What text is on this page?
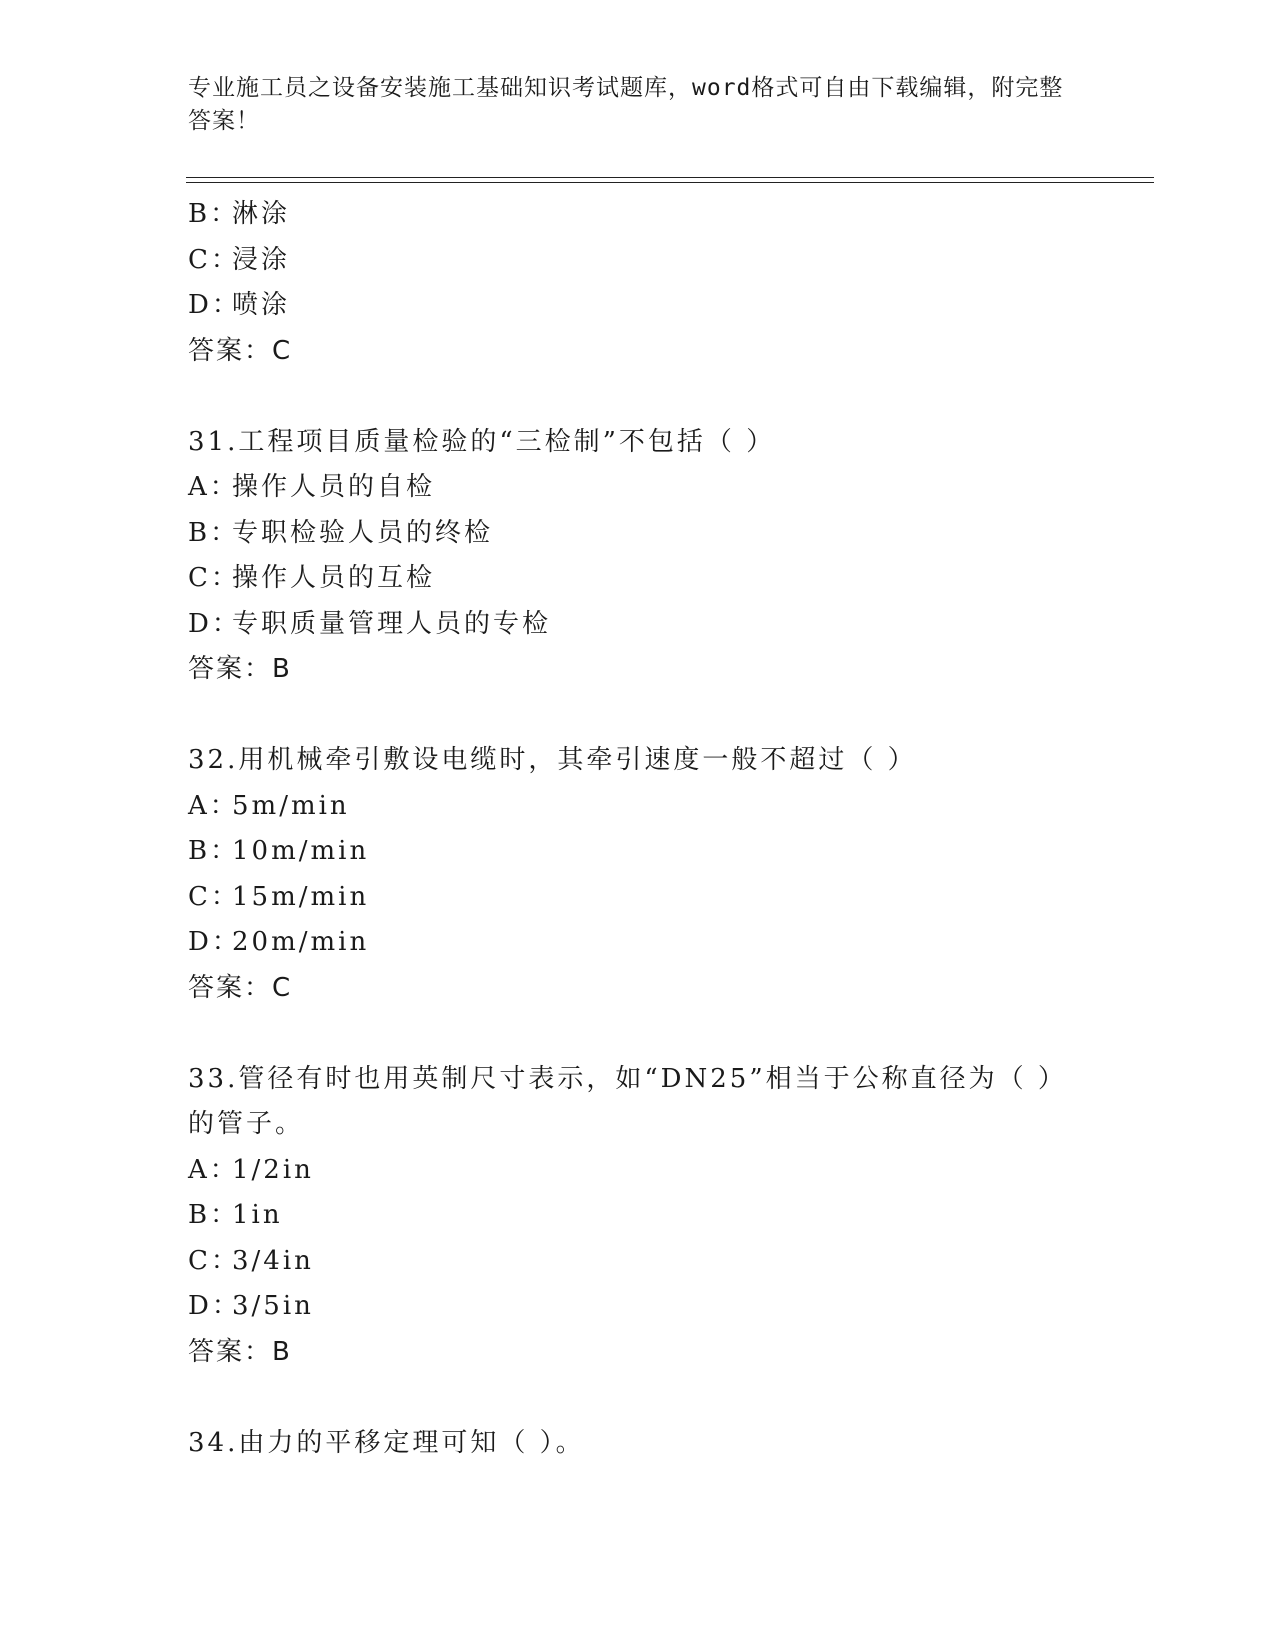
专业施工员之设备安装施工基础知识考试题库，word格式可自由下载编辑，附完整答案！
B：淋涂
C：浸涂
D：喷涂
答案：C
31.工程项目质量检验的“三检制”不包括（ ）
A：操作人员的自检
B：专职检验人员的终检
C：操作人员的互检
D：专职质量管理人员的专检
答案：B
32.用机械牵引敷设电缆时，其牵引速度一般不超过（ ）
A：5m/min
B：10m/min
C：15m/min
D：20m/min
答案：C
33.管径有时也用英制尺寸表示，如“DN25”相当于公称直径为（ ）
的管子。
A：1/2in
B：1in
C：3/4in
D：3/5in
答案：B
34.由力的平移定理可知（ ）。
